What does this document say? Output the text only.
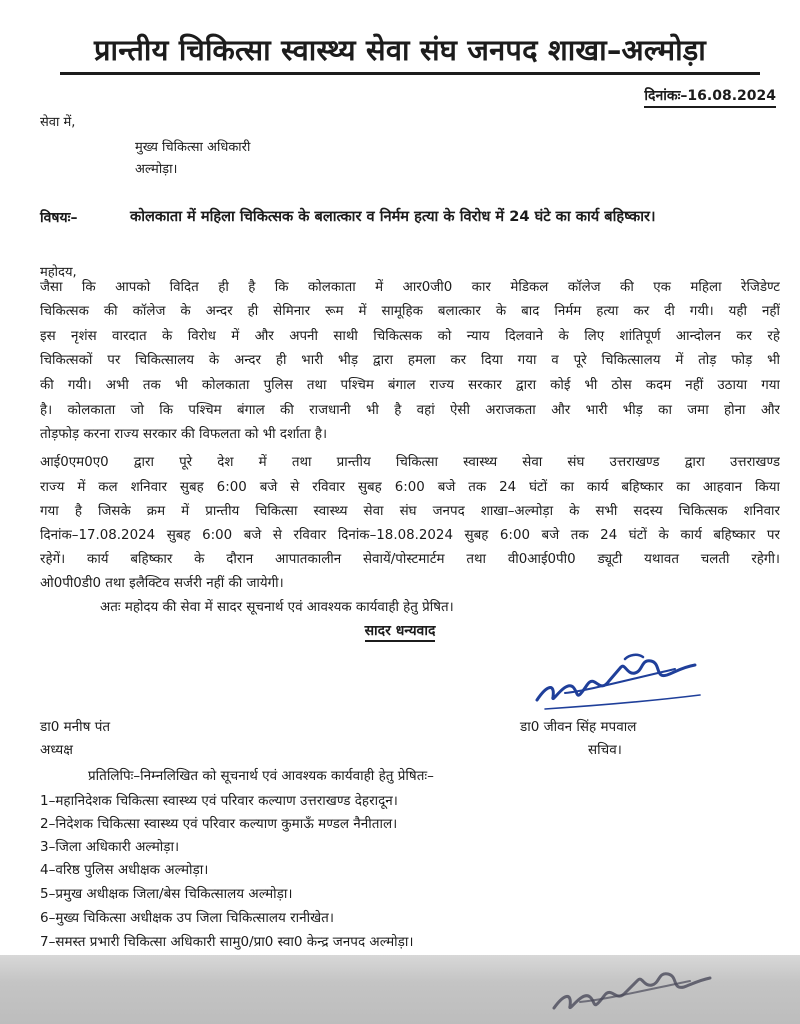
प्रान्तीय चिकित्सा स्वास्थ्य सेवा संघ जनपद शाखा–अल्मोड़ा
दिनांकः–16.08.2024
सेवा में,
मुख्य चिकित्सा अधिकारी
अल्मोड़ा।
विषयः–	कोलकाता में महिला चिकित्सक के बलात्कार व निर्मम हत्या के विरोध में 24 घंटे का कार्य बहिष्कार।
महोदय,
जैसा कि आपको विदित ही है कि कोलकाता में आर0जी0 कार मेडिकल कॉलेज की एक महिला रेजिडेण्ट
चिकित्सक की कॉलेज के अन्दर ही सेमिनार रूम में सामूहिक बलात्कार के बाद निर्मम हत्या कर दी गयी। यही नहीं
इस नृशंस वारदात के विरोध में और अपनी साथी चिकित्सक को न्याय दिलवाने के लिए शांतिपूर्ण आन्दोलन कर रहे
चिकित्सकों पर चिकित्सालय के अन्दर ही भारी भीड़ द्वारा हमला कर दिया गया व पूरे चिकित्सालय में तोड़ फोड़ भी
की गयी। अभी तक भी कोलकाता पुलिस तथा पश्चिम बंगाल राज्य सरकार द्वारा कोई भी ठोस कदम नहीं उठाया गया
है। कोलकाता जो कि पश्चिम बंगाल की राजधानी भी है वहां ऐसी अराजकता और भारी भीड़ का जमा होना और
तोड़फोड़ करना राज्य सरकार की विफलता को भी दर्शाता है।
आई0एम0ए0 द्वारा पूरे देश में तथा प्रान्तीय चिकित्सा स्वास्थ्य सेवा संघ उत्तराखण्ड द्वारा उत्तराखण्ड
राज्य में कल शनिवार सुबह 6:00 बजे से रविवार सुबह 6:00 बजे तक 24 घंटों का कार्य बहिष्कार का आहवान किया
गया है जिसके क्रम में प्रान्तीय चिकित्सा स्वास्थ्य सेवा संघ जनपद शाखा–अल्मोड़ा के सभी सदस्य चिकित्सक शनिवार
दिनांक–17.08.2024 सुबह 6:00 बजे से रविवार दिनांक–18.08.2024 सुबह 6:00 बजे तक 24 घंटों के कार्य बहिष्कार पर
रहेगें। कार्य बहिष्कार के दौरान आपातकालीन सेवायें/पोस्टमार्टम तथा वी0आई0पी0 ड्यूटी यथावत चलती रहेगी।
ओ0पी0डी0 तथा इलैक्टिव सर्जरी नहीं की जायेगी।
अतः महोदय की सेवा में सादर सूचनार्थ एवं आवश्यक कार्यवाही हेतु प्रेषित।
सादर धन्यवाद
डा0 मनीष पंत
अध्यक्ष
डा0 जीवन सिंह मपवाल
सचिव।
प्रतिलिपिः–निम्नलिखित को सूचनार्थ एवं आवश्यक कार्यवाही हेतु प्रेषितः–
1–महानिदेशक चिकित्सा स्वास्थ्य एवं परिवार कल्याण उत्तराखण्ड देहरादून।
2–निदेशक चिकित्सा स्वास्थ्य एवं परिवार कल्याण कुमाऊँ मण्डल नैनीताल।
3–जिला अधिकारी अल्मोड़ा।
4–वरिष्ठ पुलिस अधीक्षक अल्मोड़ा।
5–प्रमुख अधीक्षक जिला/बेस चिकित्सालय अल्मोड़ा।
6–मुख्य चिकित्सा अधीक्षक उप जिला चिकित्सालय रानीखेत।
7–समस्त प्रभारी चिकित्सा अधिकारी सामु0/प्रा0 स्वा0 केन्द्र जनपद अल्मोड़ा।
